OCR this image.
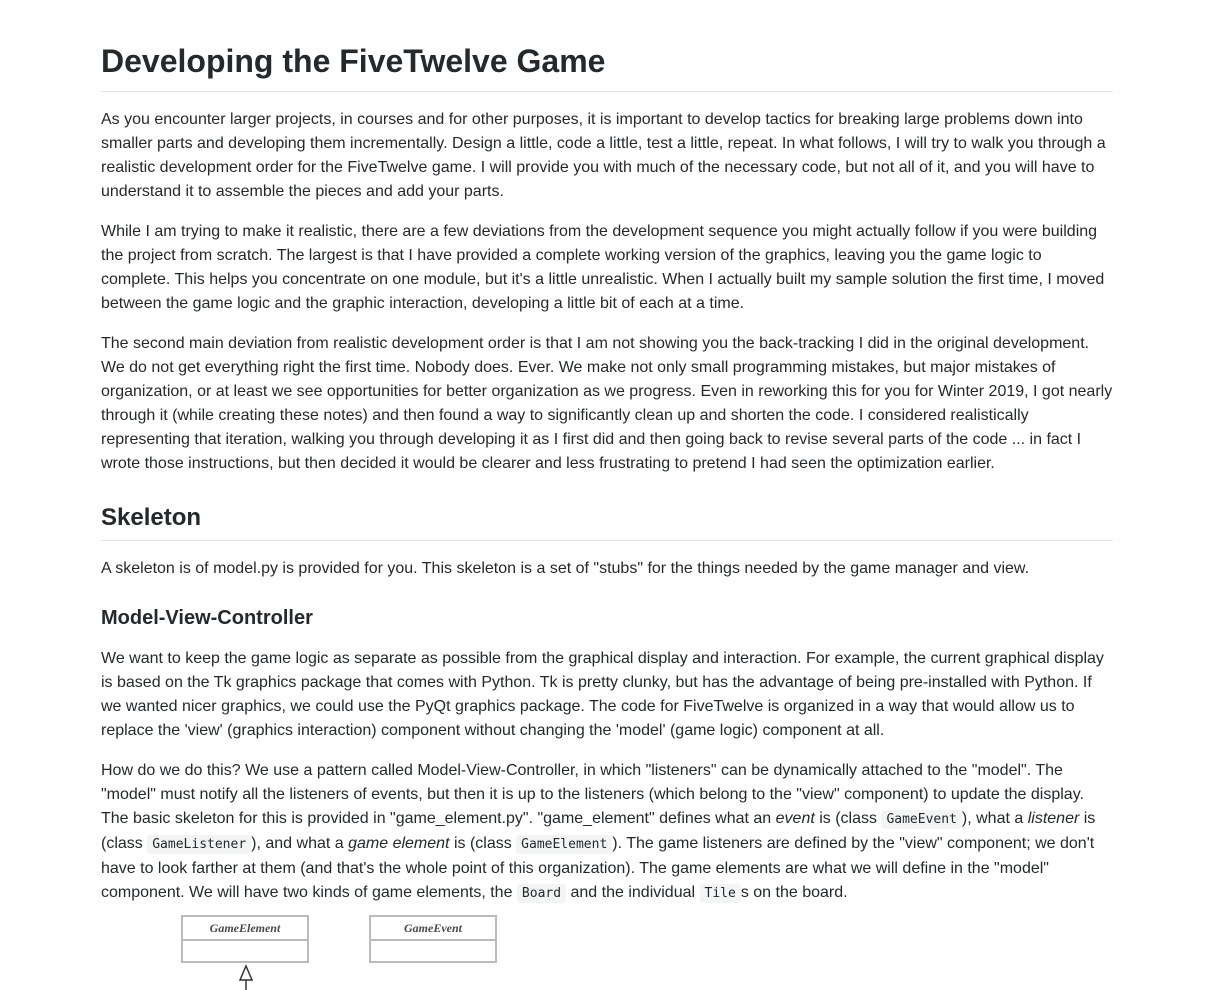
Developing the FiveTwelve Game

As you encounter larger projects, in courses and for other purposes, it is important to develop tactics for breaking large problems down into smaller parts and developing them incrementally. Design a little, code a little, test a little, repeat. In what follows, I will try to walk you through a realistic development order for the FiveTwelve game. I will provide you with much of the necessary code, but not all of it, and you will have to understand it to assemble the pieces and add your parts.

While I am trying to make it realistic, there are a few deviations from the development sequence you might actually follow if you were building the project from scratch. The largest is that I have provided a complete working version of the graphics, leaving you the game logic to complete. This helps you concentrate on one module, but it's a little unrealistic. When I actually built my sample solution the first time, I moved between the game logic and the graphic interaction, developing a little bit of each at a time.

The second main deviation from realistic development order is that I am not showing you the back-tracking I did in the original development. We do not get everything right the first time. Nobody does. Ever. We make not only small programming mistakes, but major mistakes of organization, or at least we see opportunities for better organization as we progress. Even in reworking this for you for Winter 2019, I got nearly through it (while creating these notes) and then found a way to significantly clean up and shorten the code. I considered realistically representing that iteration, walking you through developing it as I first did and then going back to revise several parts of the code ... in fact I wrote those instructions, but then decided it would be clearer and less frustrating to pretend I had seen the optimization earlier.

Skeleton

A skeleton is of model.py is provided for you. This skeleton is a set of "stubs" for the things needed by the game manager and view.

Model-View-Controller

We want to keep the game logic as separate as possible from the graphical display and interaction. For example, the current graphical display is based on the Tk graphics package that comes with Python. Tk is pretty clunky, but has the advantage of being pre-installed with Python. If we wanted nicer graphics, we could use the PyQt graphics package. The code for FiveTwelve is organized in a way that would allow us to replace the 'view' (graphics interaction) component without changing the 'model' (game logic) component at all.

How do we do this? We use a pattern called Model-View-Controller, in which "listeners" can be dynamically attached to the "model". The "model" must notify all the listeners of events, but then it is up to the listeners (which belong to the "view" component) to update the display. The basic skeleton for this is provided in "game_element.py". "game_element" defines what an event is (class GameEvent ), what a listener is (class GameListener ), and what a game element is (class GameElement ). The game listeners are defined by the "view" component; we don't have to look farther at them (and that's the whole point of this organization). The game elements are what we will define in the "model" component. We will have two kinds of game elements, the Board and the individual Tile s on the board.

GameElement	GameEvent
